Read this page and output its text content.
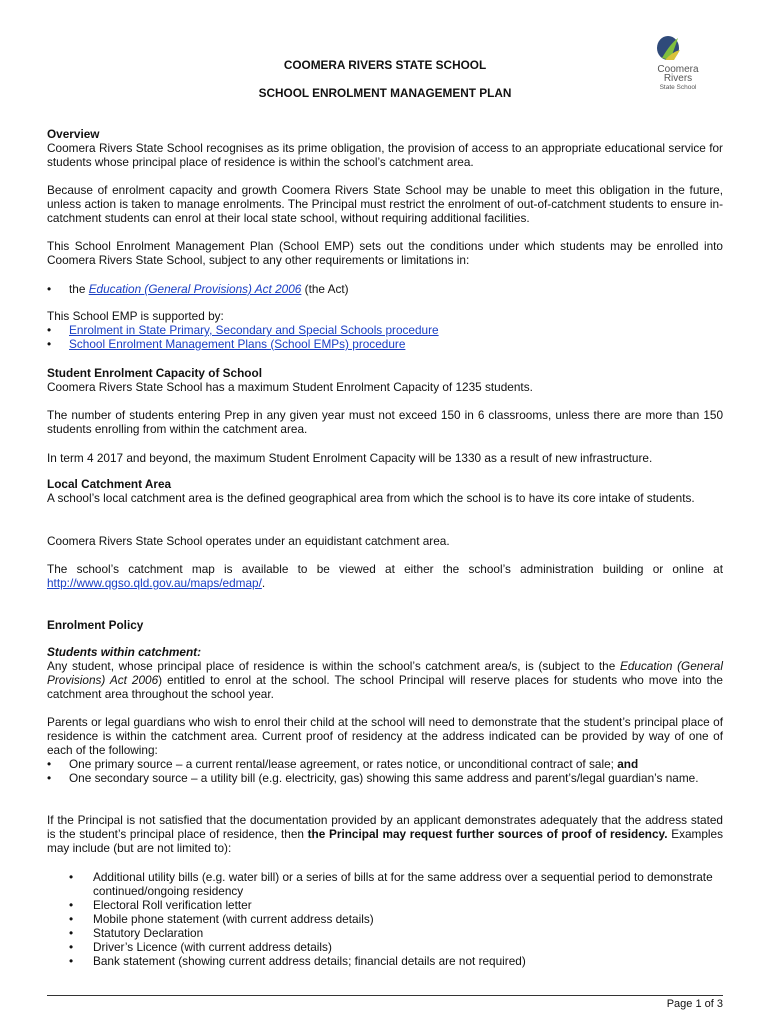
COOMERA RIVERS STATE SCHOOL
SCHOOL ENROLMENT MANAGEMENT PLAN
Coomera
Rivers
State School
Overview

Coomera Rivers State School recognises as its prime obligation, the provision of access to an appropriate educational service for students whose principal place of residence is within the school’s catchment area.

Because of enrolment capacity and growth Coomera Rivers State School may be unable to meet this obligation in the future, unless action is taken to manage enrolments. The Principal must restrict the enrolment of out-of-catchment students to ensure in-catchment students can enrol at their local state school, without requiring additional facilities.

This School Enrolment Management Plan (School EMP) sets out the conditions under which students may be enrolled into Coomera Rivers State School, subject to any other requirements or limitations in:

• the Education (General Provisions) Act 2006 (the Act)

This School EMP is supported by:

• Enrolment in State Primary, Secondary and Special Schools procedure
• School Enrolment Management Plans (School EMPs) procedure
Student Enrolment Capacity of School

Coomera Rivers State School has a maximum Student Enrolment Capacity of 1235 students.

The number of students entering Prep in any given year must not exceed 150 in 6 classrooms, unless there are more than 150 students enrolling from within the catchment area.

In term 4 2017 and beyond, the maximum Student Enrolment Capacity will be 1330 as a result of new infrastructure.

Local Catchment Area

A school’s local catchment area is the defined geographical area from which the school is to have its core intake of students.

Coomera Rivers State School operates under an equidistant catchment area.

The school’s catchment map is available to be viewed at either the school’s administration building or online at http://www.qgso.qld.gov.au/maps/edmap/.

Enrolment Policy
Students within catchment:

Any student, whose principal place of residence is within the school’s catchment area/s, is (subject to the Education (General Provisions) Act 2006) entitled to enrol at the school. The school Principal will reserve places for students who move into the catchment area throughout the school year.

Parents or legal guardians who wish to enrol their child at the school will need to demonstrate that the student’s principal place of residence is within the catchment area. Current proof of residency at the address indicated can be provided by way of one of each of the following:

• One primary source – a current rental/lease agreement, or rates notice, or unconditional contract of sale; and
• One secondary source – a utility bill (e.g. electricity, gas) showing this same address and parent’s/legal guardian’s name.

If the Principal is not satisfied that the documentation provided by an applicant demonstrates adequately that the address stated is the student’s principal place of residence, then the Principal may request further sources of proof of residency. Examples may include (but are not limited to):

• Additional utility bills (e.g. water bill) or a series of bills at for the same address over a sequential period to demonstrate continued/ongoing residency
• Electoral Roll verification letter
• Mobile phone statement (with current address details)
• Statutory Declaration
• Driver’s Licence (with current address details)
• Bank statement (showing current address details; financial details are not required)
Page 1 of 3
